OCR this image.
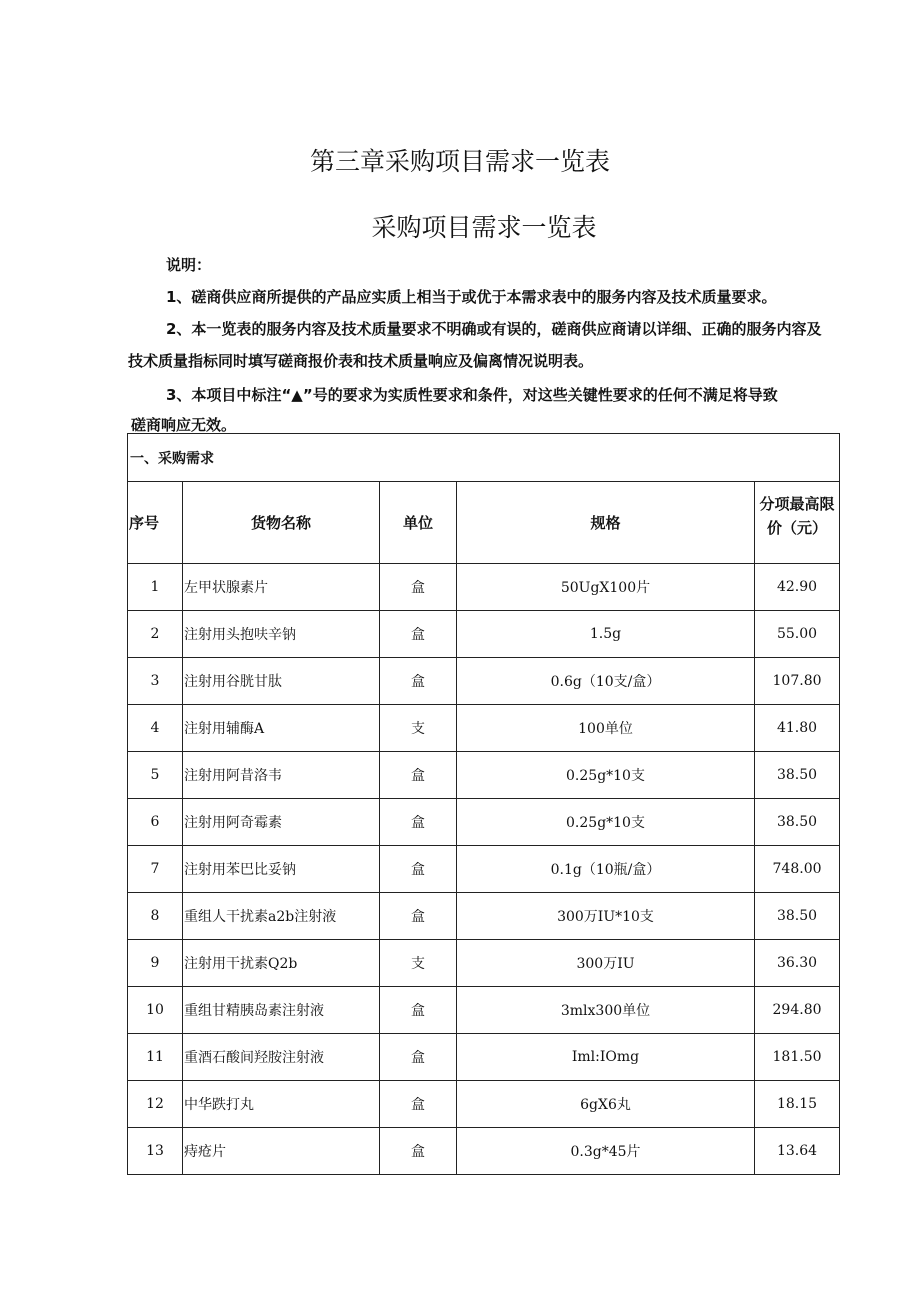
第三章采购项目需求一览表
采购项目需求一览表
说明：
1、磋商供应商所提供的产品应实质上相当于或优于本需求表中的服务内容及技术质量要求。
2、本一览表的服务内容及技术质量要求不明确或有误的，磋商供应商请以详细、正确的服务内容及
技术质量指标同时填写磋商报价表和技术质量响应及偏离情况说明表。
3、本项目中标注“▲”号的要求为实质性要求和条件，对这些关键性要求的任何不满足将导致
磋商响应无效。
一、采购需求				
序号	货物名称	单位	规格	分项最高限
价（元）
1	左甲状腺素片	盒	50UgX100片	42.90
2	注射用头抱呋辛钠	盒	1.5g	55.00
3	注射用谷胱甘肽	盒	0.6g（10支/盒）	107.80
4	注射用辅酶A	支	100单位	41.80
5	注射用阿昔洛韦	盒	0.25g*10支	38.50
6	注射用阿奇霉素	盒	0.25g*10支	38.50
7	注射用苯巴比妥钠	盒	0.1g（10瓶/盒）	748.00
8	重组人干扰素a2b注射液	盒	300万IU*10支	38.50
9	注射用干扰素Q2b	支	300万IU	36.30
10	重组甘精胰岛素注射液	盒	3mlx300单位	294.80
11	重酒石酸间羟胺注射液	盒	Iml:IOmg	181.50
12	中华跌打丸	盒	6gX6丸	18.15
13	痔疮片	盒	0.3g*45片	13.64
